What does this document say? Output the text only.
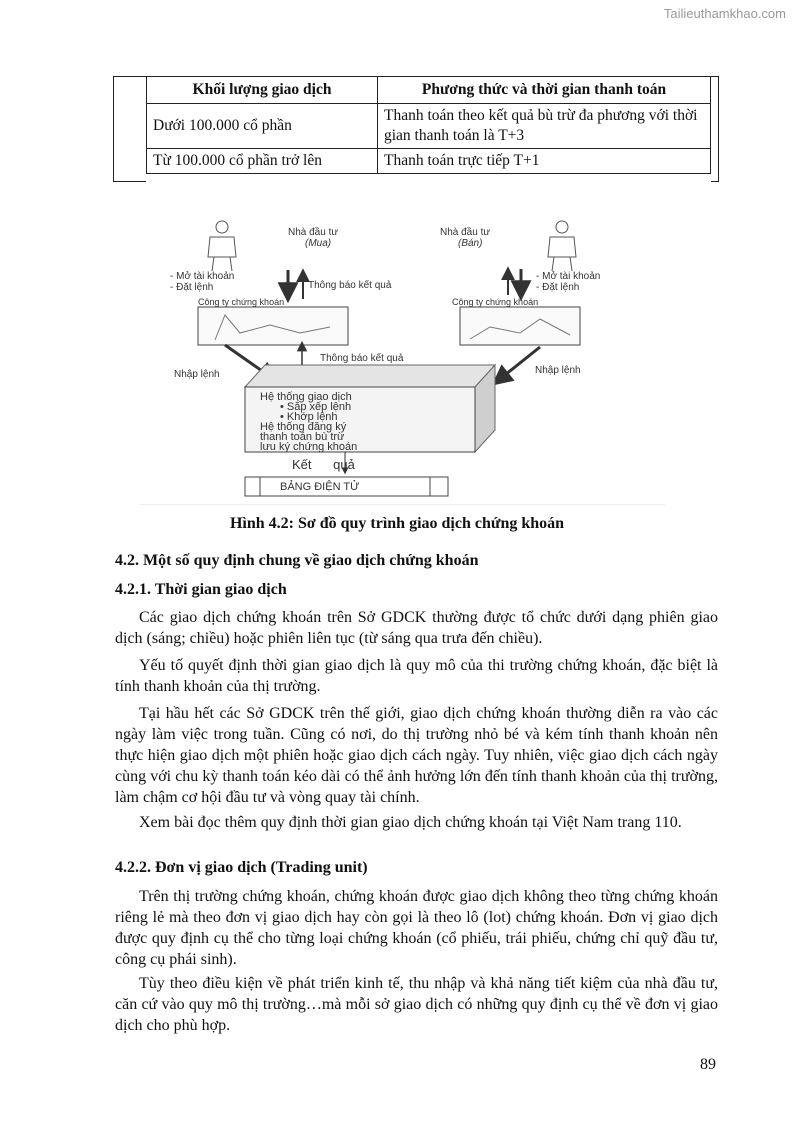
Tailieuthamkhao.com
Khối lượng giao dịch	Phương thức và thời gian thanh toán
Dưới 100.000 cổ phần	Thanh toán theo kết quả bù trừ đa phương với thời gian thanh toán là T+3
Từ 100.000 cổ phần trở lên	Thanh toán trực tiếp T+1
Nhà đầu tư
(Mua)
Nhà đầu tư
(Bán)
- Mở tài khoản
- Đặt lệnh	Thông báo kết quả
- Mở tài khoản
- Đặt lệnh
Công ty chứng khoán	Công ty chứng khoán
Thông báo kết quả
Nhập lệnh	Nhập lệnh
Hệ thống giao dịch
• Sắp xếp lệnh
• Khớp lệnh
Hệ thống đăng ký
thanh toán bù trừ
lưu ký chứng khoán
Kết      quả
BẢNG ĐIỆN TỬ
Hình 4.2: Sơ đồ quy trình giao dịch chứng khoán
4.2. Một số quy định chung về giao dịch chứng khoán
4.2.1. Thời gian giao dịch

Các giao dịch chứng khoán trên Sở GDCK thường được tổ chức dưới dạng phiên giao dịch (sáng; chiều) hoặc phiên liên tục (từ sáng qua trưa đến chiều).

Yếu tố quyết định thời gian giao dịch là quy mô của thi trường chứng khoán, đặc biệt là tính thanh khoản của thị trường.

Tại hầu hết các Sở GDCK trên thế giới, giao dịch chứng khoán thường diễn ra vào các ngày làm việc trong tuần. Cũng có nơi, do thị trường nhỏ bé và kém tính thanh khoản nên thực hiện giao dịch một phiên hoặc giao dịch cách ngày. Tuy nhiên, việc giao dịch cách ngày cùng với chu kỳ thanh toán kéo dài có thể ảnh hưởng lớn đến tính thanh khoản của thị trường, làm chậm cơ hội đầu tư và vòng quay tài chính.

Xem bài đọc thêm quy định thời gian giao dịch chứng khoán tại Việt Nam trang 110.

4.2.2. Đơn vị giao dịch (Trading unit)

Trên thị trường chứng khoán, chứng khoán được giao dịch không theo từng chứng khoán riêng lẻ mà theo đơn vị giao dịch hay còn gọi là theo lô (lot) chứng khoán. Đơn vị giao dịch được quy định cụ thể cho từng loại chứng khoán (cổ phiếu, trái phiếu, chứng chỉ quỹ đầu tư, công cụ phái sinh).

Tùy theo điều kiện về phát triển kinh tế, thu nhập và khả năng tiết kiệm của nhà đầu tư, căn cứ vào quy mô thị trường…mà mỗi sở giao dịch có những quy định cụ thể về đơn vị giao dịch cho phù hợp.

89
